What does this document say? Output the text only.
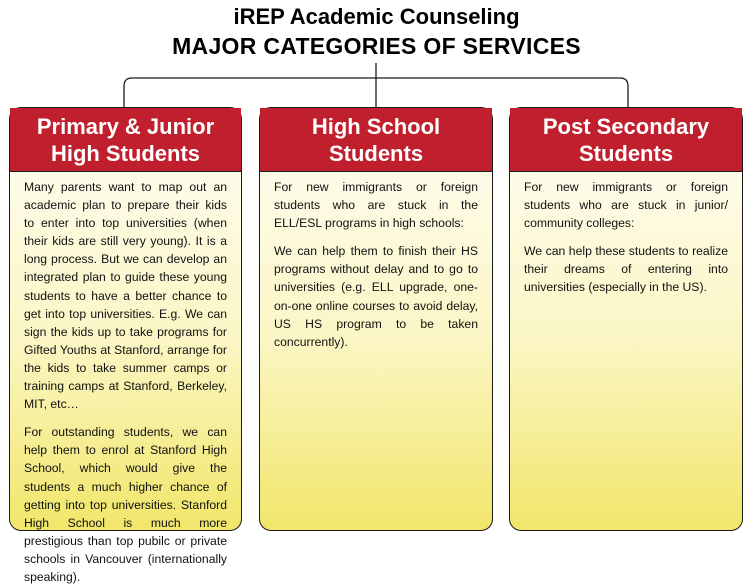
iREP Academic Counseling
MAJOR CATEGORIES OF SERVICES
Primary & Junior High Students

Many parents want to map out an academic plan to prepare their kids to enter into top universities (when their kids are still very young). It is a long process. But we can develop an integrated plan to guide these young students to have a better chance to get into top universities. E.g. We can sign the kids up to take programs for Gifted Youths at Stanford, arrange for the kids to take summer camps or training camps at Stanford, Berkeley, MIT, etc…

For outstanding students, we can help them to enrol at Stanford High School, which would give the students a much higher chance of getting into top universities. Stanford High School is much more prestigious than top pubilc or private schools in Vancouver (internationally speaking).

High School Students

For new immigrants or foreign students who are stuck in the ELL/ESL programs in high schools:

We can help them to finish their HS programs without delay and to go to universities (e.g. ELL upgrade, one-on-one online courses to avoid delay, US HS program to be taken concurrently).

Post Secondary Students

For new immigrants or foreign students who are stuck in junior/ community colleges:

We can help these students to realize their dreams of entering into universities (especially in the US).
